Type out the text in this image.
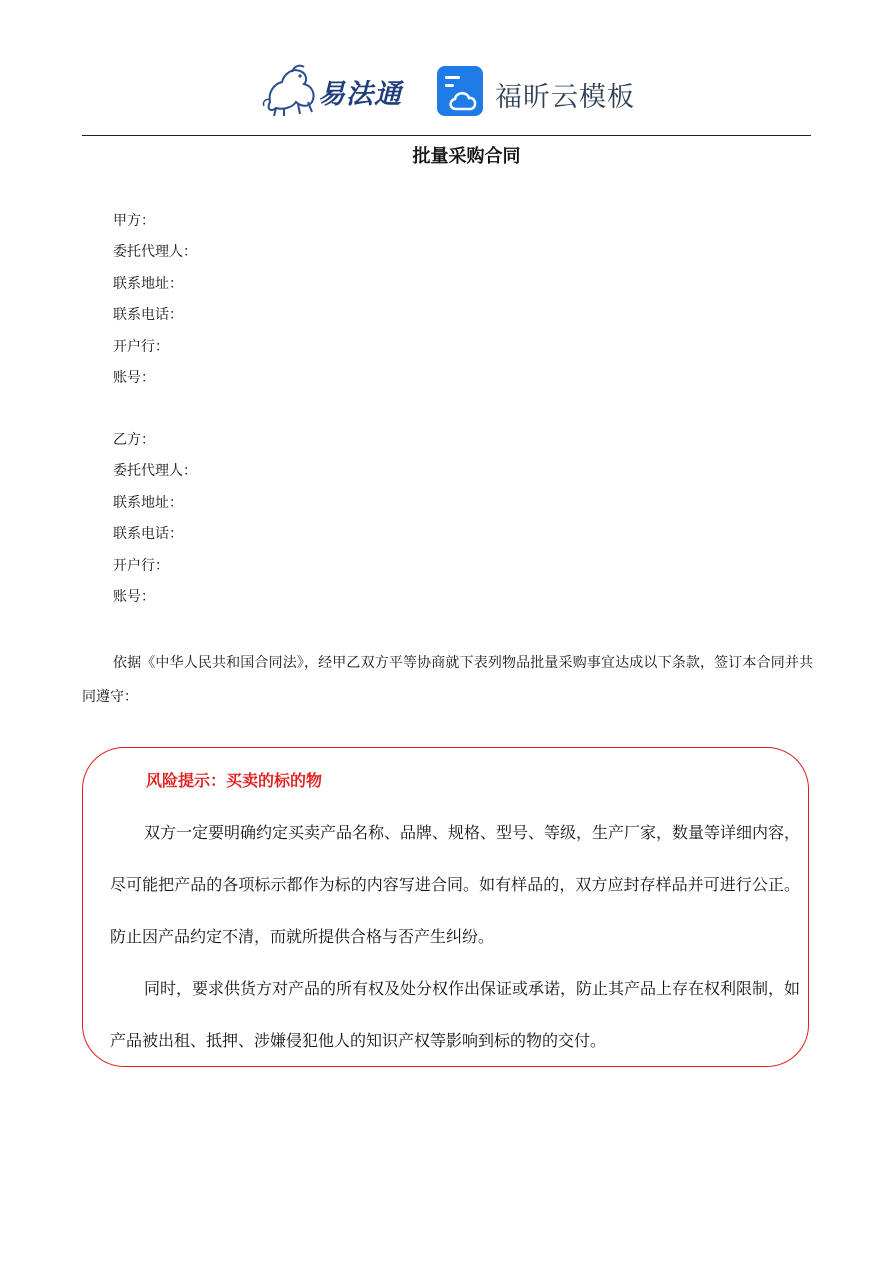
易法通	福昕云模板
批量采购合同
甲方：
委托代理人：
联系地址：
联系电话：
开户行：
账号：
乙方：
委托代理人：
联系地址：
联系电话：
开户行：
账号：
依据《中华人民共和国合同法》，经甲乙双方平等协商就下表列物品批量采购事宜达成以下条款，签订本合同并共同遵守：
风险提示：买卖的标的物
双方一定要明确约定买卖产品名称、品牌、规格、型号、等级，生产厂家，数量等详细内容，尽可能把产品的各项标示都作为标的内容写进合同。如有样品的，双方应封存样品并可进行公正。防止因产品约定不清，而就所提供合格与否产生纠纷。
同时，要求供货方对产品的所有权及处分权作出保证或承诺，防止其产品上存在权利限制，如产品被出租、抵押、涉嫌侵犯他人的知识产权等影响到标的物的交付。
